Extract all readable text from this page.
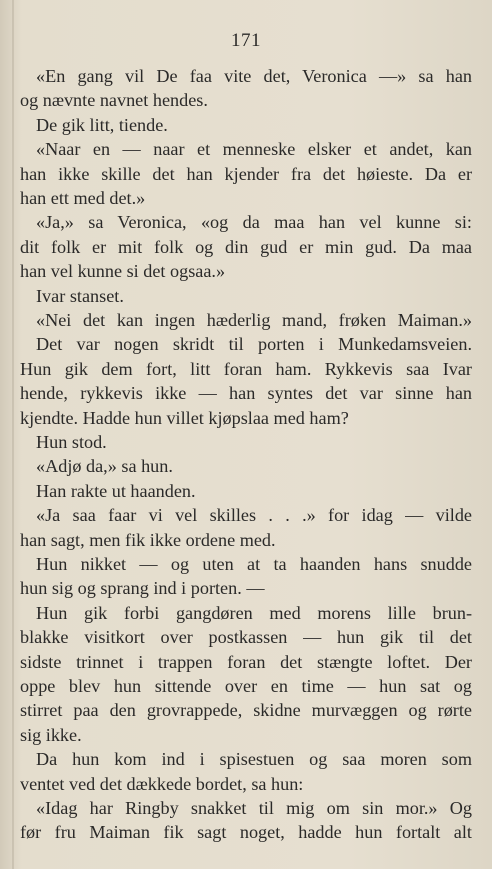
171
«En gang vil De faa vite det, Veronica —» sa han
og nævnte navnet hendes.
De gik litt, tiende.
«Naar en — naar et menneske elsker et andet, kan
han ikke skille det han kjender fra det høieste. Da er
han ett med det.»
«Ja,» sa Veronica, «og da maa han vel kunne si:
dit folk er mit folk og din gud er min gud. Da maa
han vel kunne si det ogsaa.»
Ivar stanset.
«Nei det kan ingen hæderlig mand, frøken Maiman.»
Det var nogen skridt til porten i Munkedamsveien.
Hun gik dem fort, litt foran ham. Rykkevis saa Ivar
hende, rykkevis ikke — han syntes det var sinne han
kjendte. Hadde hun villet kjøpslaa med ham?
Hun stod.
«Adjø da,» sa hun.
Han rakte ut haanden.
«Ja saa faar vi vel skilles . . .» for idag — vilde
han sagt, men fik ikke ordene med.
Hun nikket — og uten at ta haanden hans snudde
hun sig og sprang ind i porten. —
Hun gik forbi gangdøren med morens lille brun-
blakke visitkort over postkassen — hun gik til det
sidste trinnet i trappen foran det stængte loftet. Der
oppe blev hun sittende over en time — hun sat og
stirret paa den grovrappede, skidne murvæggen og rørte
sig ikke.
Da hun kom ind i spisestuen og saa moren som
ventet ved det dækkede bordet, sa hun:
«Idag har Ringby snakket til mig om sin mor.» Og
før fru Maiman fik sagt noget, hadde hun fortalt alt
